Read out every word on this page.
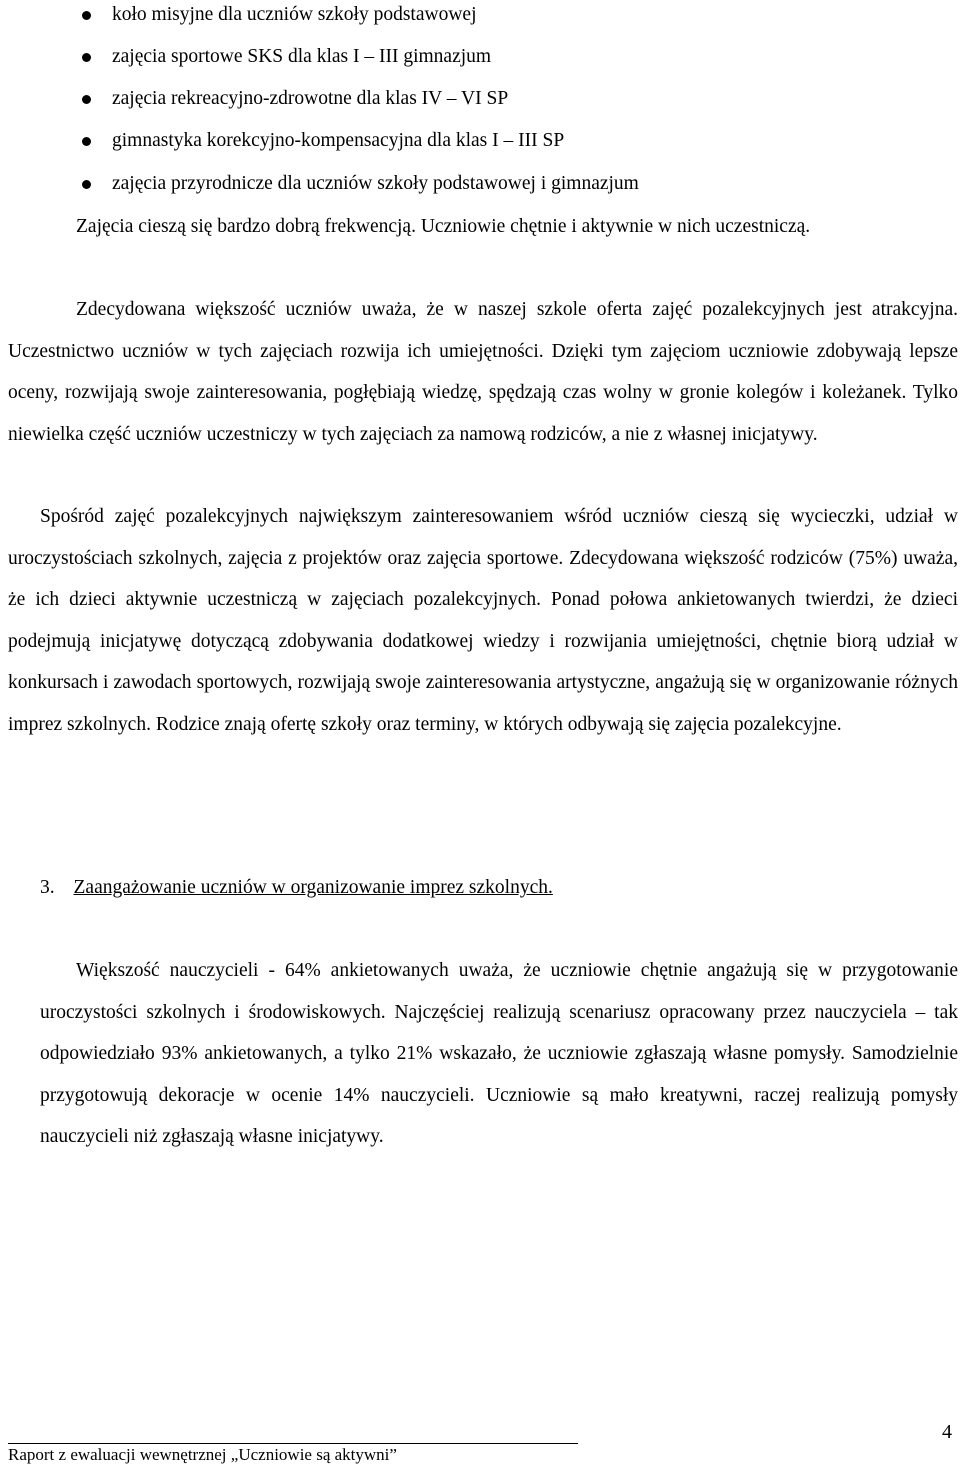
koło misyjne dla uczniów szkoły podstawowej
zajęcia sportowe SKS dla klas I – III gimnazjum
zajęcia rekreacyjno-zdrowotne dla klas IV – VI SP
gimnastyka korekcyjno-kompensacyjna dla klas I – III SP
zajęcia przyrodnicze dla uczniów szkoły podstawowej i gimnazjum

Zajęcia cieszą się bardzo dobrą frekwencją. Uczniowie chętnie i aktywnie w nich uczestniczą.

Zdecydowana większość uczniów uważa, że w naszej szkole oferta zajęć pozalekcyjnych jest atrakcyjna. Uczestnictwo uczniów w tych zajęciach rozwija ich umiejętności. Dzięki tym zajęciom uczniowie zdobywają lepsze oceny, rozwijają swoje zainteresowania, pogłębiają wiedzę, spędzają czas wolny w gronie kolegów i koleżanek. Tylko niewielka część uczniów uczestniczy w tych zajęciach za namową rodziców, a nie z własnej inicjatywy.

Spośród zajęć pozalekcyjnych największym zainteresowaniem wśród uczniów cieszą się wycieczki, udział w uroczystościach szkolnych, zajęcia z projektów oraz zajęcia sportowe. Zdecydowana większość rodziców (75%) uważa, że ich dzieci aktywnie uczestniczą w zajęciach pozalekcyjnych. Ponad połowa ankietowanych twierdzi, że dzieci podejmują inicjatywę dotyczącą zdobywania dodatkowej wiedzy i rozwijania umiejętności, chętnie biorą udział w konkursach i zawodach sportowych, rozwijają swoje zainteresowania artystyczne, angażują się w organizowanie różnych imprez szkolnych. Rodzice znają ofertę szkoły oraz terminy, w których odbywają się zajęcia pozalekcyjne.

3. Zaangażowanie uczniów w organizowanie imprez szkolnych.

Większość nauczycieli - 64% ankietowanych uważa, że uczniowie chętnie angażują się w przygotowanie uroczystości szkolnych i środowiskowych. Najczęściej realizują scenariusz opracowany przez nauczyciela – tak odpowiedziało 93% ankietowanych, a tylko 21% wskazało, że uczniowie zgłaszają własne pomysły. Samodzielnie przygotowują dekoracje w ocenie 14% nauczycieli. Uczniowie są mało kreatywni, raczej realizują pomysły nauczycieli niż zgłaszają własne inicjatywy.

4
Raport z ewaluacji wewnętrznej „Uczniowie są aktywni”
